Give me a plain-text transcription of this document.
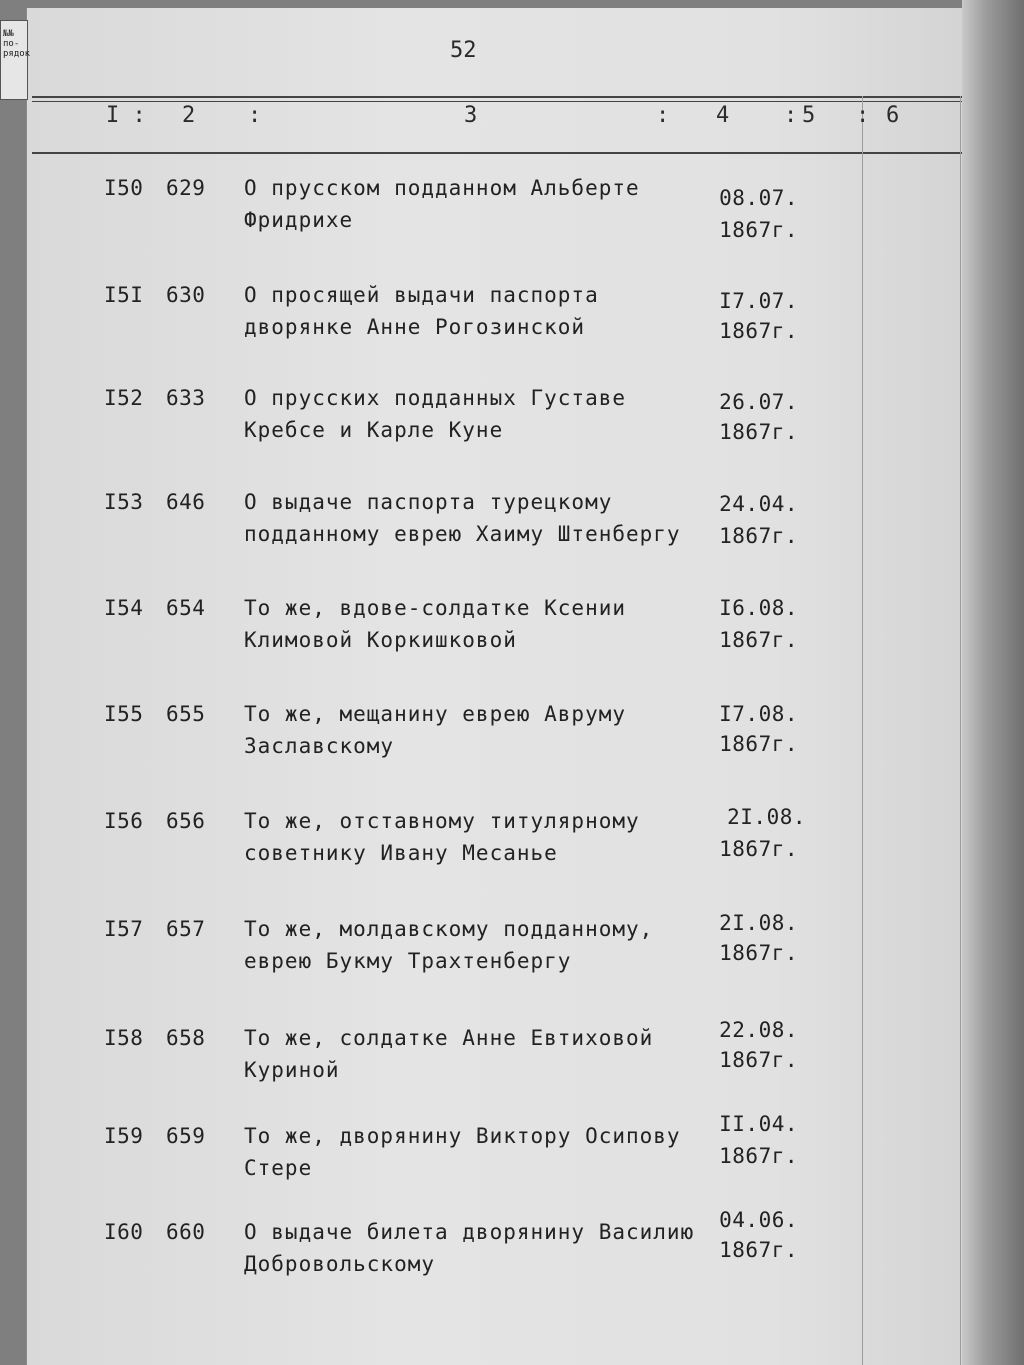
№№ по-
рядок	52
I : 2 :	3	: 4 : 5 : 6
I50 629 О прусском подданном Альберте Фридрихе
08.07.
1867г.
I5I 630 О просящей выдачи паспорта дворянке Анне Рогозинской
I7.07.
1867г.
I52 633 О прусских подданных Густаве Кребсе и Карле Куне
26.07.
1867г.
I53 646 О выдаче паспорта турецкому подданному еврею Хаиму Штенбергу
24.04.
1867г.
I54 654 То же, вдове-солдатке Ксении Климовой Коркишковой
I6.08.
1867г.
I55 655 То же, мещанину еврею Авруму Заславскому
I7.08.
1867г.
I56 656 То же, отставному титулярному советнику Ивану Месанье
2I.08.
1867г.
I57 657 То же, молдавскому подданному, еврею Букму Трахтенбергу
2I.08.
1867г.
I58 658 То же, солдатке Анне Евтиховой Куриной
22.08.
1867г.
I59 659 То же, дворянину Виктору Осипову Стере
II.04.
1867г.
I60 660 О выдаче билета дворянину Василию Добровольскому
04.06.
1867г.
